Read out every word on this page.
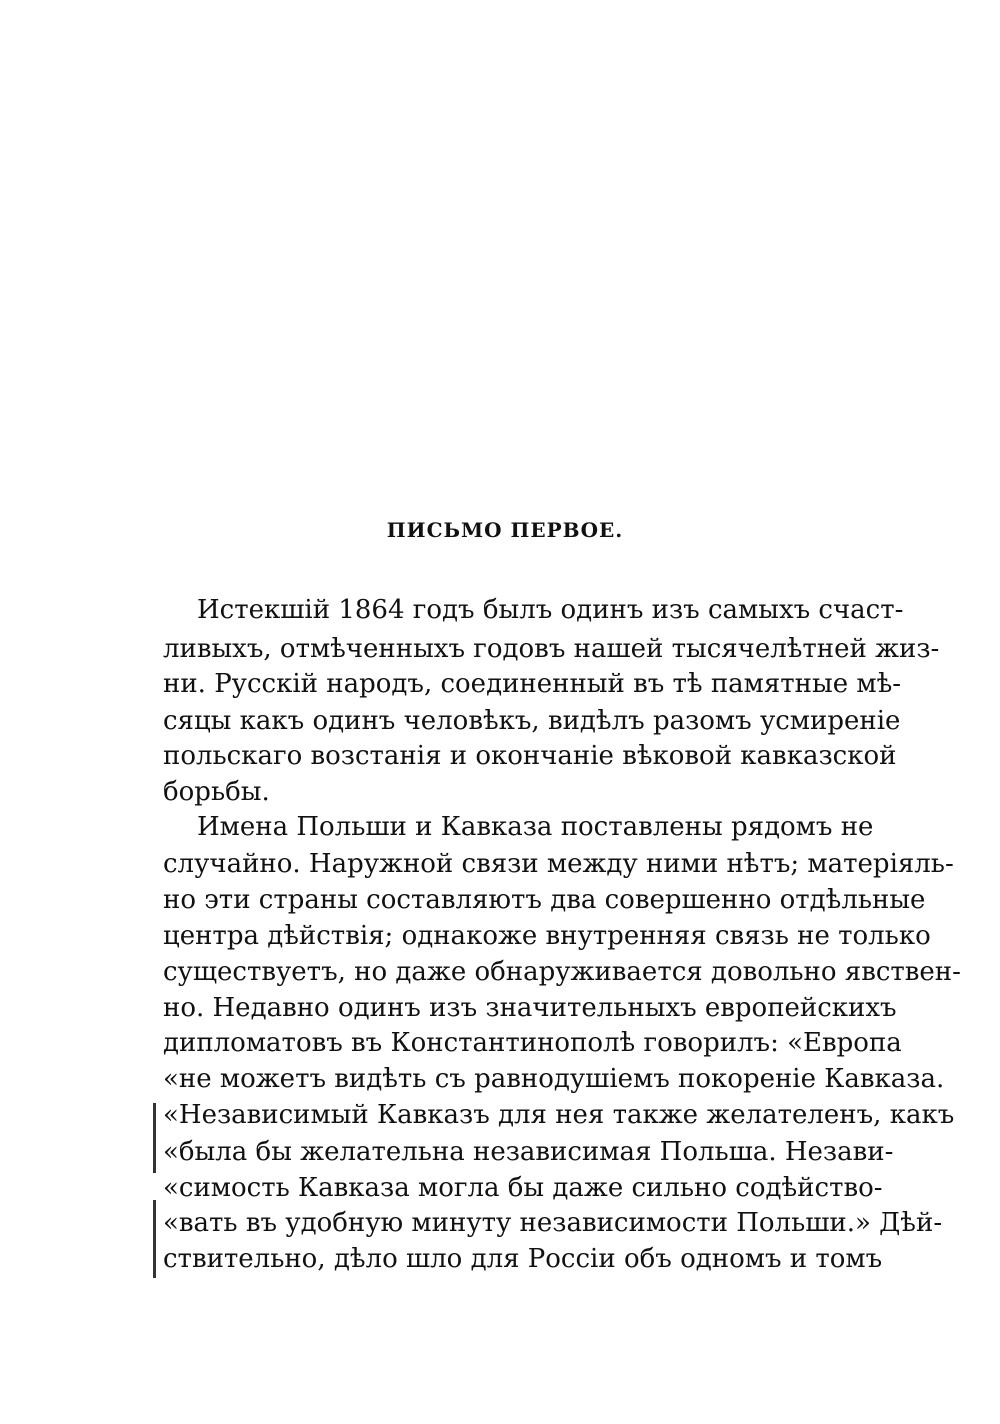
ПИСЬМО ПЕРВОЕ.

Истекшій 1864 годъ былъ одинъ изъ самыхъ счаст-

ливыхъ, отмѣченныхъ годовъ нашей тысячелѣтней жиз-

ни. Русскій народъ, соединенный въ тѣ памятные мѣ-

сяцы какъ одинъ человѣкъ, видѣлъ разомъ усмиреніе

польскаго возстанія и окончаніе вѣковой кавказской

борьбы.

Имена Польши и Кавказа поставлены рядомъ не

случайно. Наружной связи между ними нѣтъ; матеріяль-

но эти страны составляютъ два совершенно отдѣльные

центра дѣйствія; однакоже внутренняя связь не только

существуетъ, но даже обнаруживается довольно явствен-

но. Недавно одинъ изъ значительныхъ европейскихъ

дипломатовъ въ Константинополѣ говорилъ: «Европа

«не можетъ видѣть съ равнодушіемъ покореніе Кавказа.

«Независимый Кавказъ для нея также желателенъ, какъ

«была бы желательна независимая Польша. Незави-

«симость Кавказа могла бы даже сильно содѣйство-

«вать въ удобную минуту независимости Польши.» Дѣй-

ствительно, дѣло шло для Россіи объ одномъ и томъ
